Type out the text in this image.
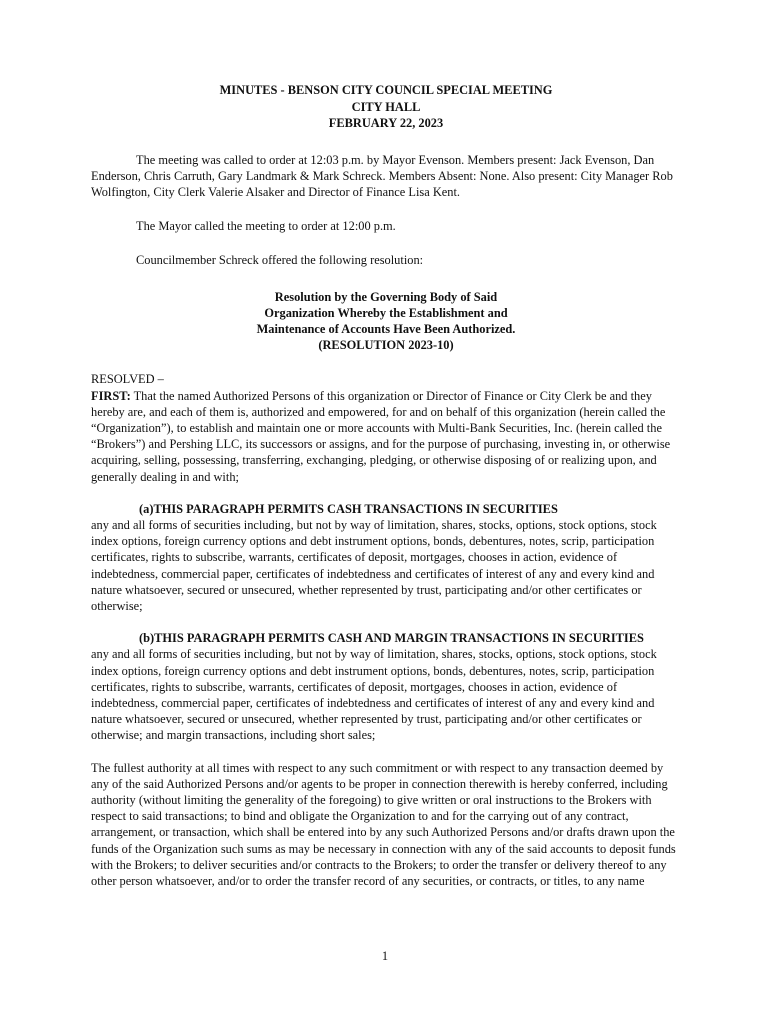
MINUTES - BENSON CITY COUNCIL SPECIAL MEETING
CITY HALL
FEBRUARY 22, 2023

The meeting was called to order at 12:03 p.m. by Mayor Evenson. Members present: Jack Evenson, Dan Enderson, Chris Carruth, Gary Landmark & Mark Schreck. Members Absent: None. Also present: City Manager Rob Wolfington, City Clerk Valerie Alsaker and Director of Finance Lisa Kent.

The Mayor called the meeting to order at 12:00 p.m.

Councilmember Schreck offered the following resolution:

Resolution by the Governing Body of Said
Organization Whereby the Establishment and
Maintenance of Accounts Have Been Authorized.
(RESOLUTION 2023-10)

RESOLVED –

FIRST: That the named Authorized Persons of this organization or Director of Finance or City Clerk be and they hereby are, and each of them is, authorized and empowered, for and on behalf of this organization (herein called the “Organization”), to establish and maintain one or more accounts with Multi-Bank Securities, Inc. (herein called the “Brokers”) and Pershing LLC, its successors or assigns, and for the purpose of purchasing, investing in, or otherwise acquiring, selling, possessing, transferring, exchanging, pledging, or otherwise disposing of or realizing upon, and generally dealing in and with;

(a)THIS PARAGRAPH PERMITS CASH TRANSACTIONS IN SECURITIES

any and all forms of securities including, but not by way of limitation, shares, stocks, options, stock options, stock index options, foreign currency options and debt instrument options, bonds, debentures, notes, scrip, participation certificates, rights to subscribe, warrants, certificates of deposit, mortgages, chooses in action, evidence of indebtedness, commercial paper, certificates of indebtedness and certificates of interest of any and every kind and nature whatsoever, secured or unsecured, whether represented by trust, participating and/or other certificates or otherwise;

(b)THIS PARAGRAPH PERMITS CASH AND MARGIN TRANSACTIONS IN SECURITIES

any and all forms of securities including, but not by way of limitation, shares, stocks, options, stock options, stock index options, foreign currency options and debt instrument options, bonds, debentures, notes, scrip, participation certificates, rights to subscribe, warrants, certificates of deposit, mortgages, chooses in action, evidence of indebtedness, commercial paper, certificates of indebtedness and certificates of interest of any and every kind and nature whatsoever, secured or unsecured, whether represented by trust, participating and/or other certificates or otherwise; and margin transactions, including short sales;

The fullest authority at all times with respect to any such commitment or with respect to any transaction deemed by any of the said Authorized Persons and/or agents to be proper in connection therewith is hereby conferred, including authority (without limiting the generality of the foregoing) to give written or oral instructions to the Brokers with respect to said transactions; to bind and obligate the Organization to and for the carrying out of any contract, arrangement, or transaction, which shall be entered into by any such Authorized Persons and/or drafts drawn upon the funds of the Organization such sums as may be necessary in connection with any of the said accounts to deposit funds with the Brokers; to deliver securities and/or contracts to the Brokers; to order the transfer or delivery thereof to any other person whatsoever, and/or to order the transfer record of any securities, or contracts, or titles, to any name

1
